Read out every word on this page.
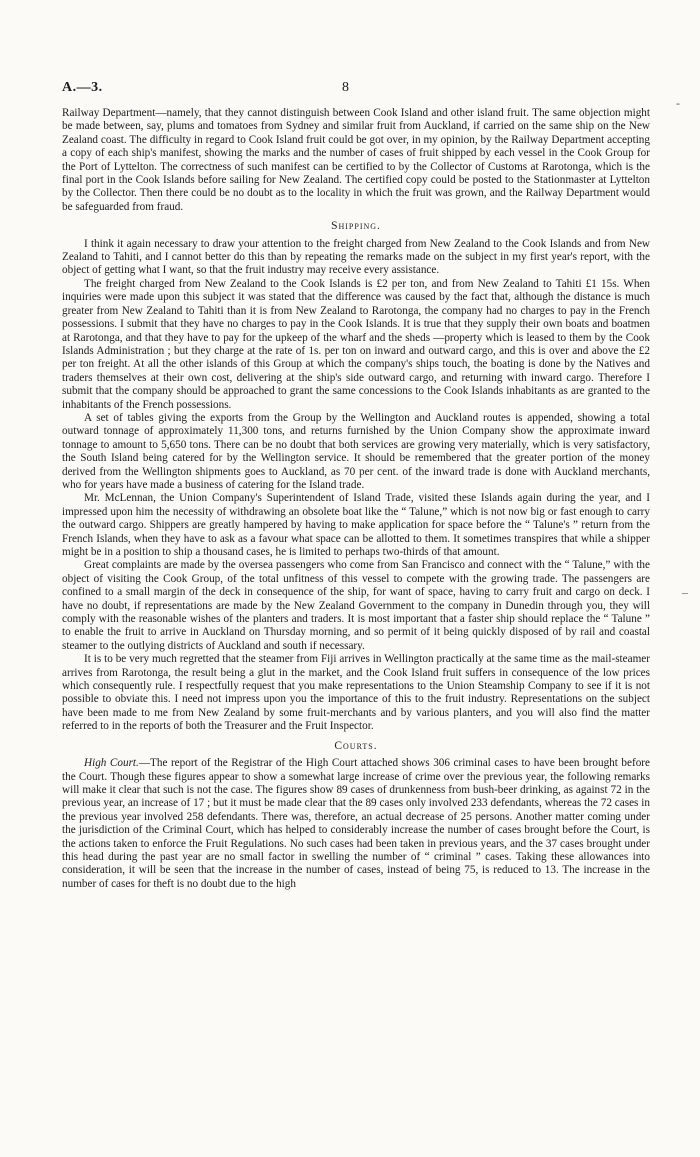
A.—3.	8
‐
–

Railway Department—namely, that they cannot distinguish between Cook Island and other island fruit. The same objection might be made between, say, plums and tomatoes from Sydney and similar fruit from Auckland, if carried on the same ship on the New Zealand coast. The difficulty in regard to Cook Island fruit could be got over, in my opinion, by the Railway Department accepting a copy of each ship's manifest, showing the marks and the number of cases of fruit shipped by each vessel in the Cook Group for the Port of Lyttelton. The correctness of such manifest can be certified to by the Collector of Customs at Rarotonga, which is the final port in the Cook Islands before sailing for New Zealand. The certified copy could be posted to the Stationmaster at Lyttelton by the Collector. Then there could be no doubt as to the locality in which the fruit was grown, and the Railway Department would be safeguarded from fraud.

Shipping.

I think it again necessary to draw your attention to the freight charged from New Zealand to the Cook Islands and from New Zealand to Tahiti, and I cannot better do this than by repeating the remarks made on the subject in my first year's report, with the object of getting what I want, so that the fruit industry may receive every assistance.

The freight charged from New Zealand to the Cook Islands is £2 per ton, and from New Zealand to Tahiti £1 15s. When inquiries were made upon this subject it was stated that the difference was caused by the fact that, although the distance is much greater from New Zealand to Tahiti than it is from New Zealand to Rarotonga, the company had no charges to pay in the French possessions. I submit that they have no charges to pay in the Cook Islands. It is true that they supply their own boats and boatmen at Rarotonga, and that they have to pay for the upkeep of the wharf and the sheds —property which is leased to them by the Cook Islands Administration ; but they charge at the rate of 1s. per ton on inward and outward cargo, and this is over and above the £2 per ton freight. At all the other islands of this Group at which the company's ships touch, the boating is done by the Natives and traders themselves at their own cost, delivering at the ship's side outward cargo, and returning with inward cargo. Therefore I submit that the company should be approached to grant the same concessions to the Cook Islands inhabitants as are granted to the inhabitants of the French possessions.

A set of tables giving the exports from the Group by the Wellington and Auckland routes is appended, showing a total outward tonnage of approximately 11,300 tons, and returns furnished by the Union Company show the approximate inward tonnage to amount to 5,650 tons. There can be no doubt that both services are growing very materially, which is very satisfactory, the South Island being catered for by the Wellington service. It should be remembered that the greater portion of the money derived from the Wellington shipments goes to Auckland, as 70 per cent. of the inward trade is done with Auckland merchants, who for years have made a business of catering for the Island trade.

Mr. McLennan, the Union Company's Superintendent of Island Trade, visited these Islands again during the year, and I impressed upon him the necessity of withdrawing an obsolete boat like the “ Talune,” which is not now big or fast enough to carry the outward cargo. Shippers are greatly hampered by having to make application for space before the “ Talune's ” return from the French Islands, when they have to ask as a favour what space can be allotted to them. It sometimes transpires that while a shipper might be in a position to ship a thousand cases, he is limited to perhaps two-thirds of that amount.

Great complaints are made by the oversea passengers who come from San Francisco and connect with the “ Talune,” with the object of visiting the Cook Group, of the total unfitness of this vessel to compete with the growing trade. The passengers are confined to a small margin of the deck in consequence of the ship, for want of space, having to carry fruit and cargo on deck. I have no doubt, if representations are made by the New Zealand Government to the company in Dunedin through you, they will comply with the reasonable wishes of the planters and traders. It is most important that a faster ship should replace the “ Talune ” to enable the fruit to arrive in Auckland on Thursday morning, and so permit of it being quickly disposed of by rail and coastal steamer to the outlying districts of Auckland and south if necessary.

It is to be very much regretted that the steamer from Fiji arrives in Wellington practically at the same time as the mail-steamer arrives from Rarotonga, the result being a glut in the market, and the Cook Island fruit suffers in consequence of the low prices which consequently rule. I respectfully request that you make representations to the Union Steamship Company to see if it is not possible to obviate this. I need not impress upon you the importance of this to the fruit industry. Representations on the subject have been made to me from New Zealand by some fruit-merchants and by various planters, and you will also find the matter referred to in the reports of both the Treasurer and the Fruit Inspector.

Courts.

High Court.—The report of the Registrar of the High Court attached shows 306 criminal cases to have been brought before the Court. Though these figures appear to show a somewhat large increase of crime over the previous year, the following remarks will make it clear that such is not the case. The figures show 89 cases of drunkenness from bush-beer drinking, as against 72 in the previous year, an increase of 17 ; but it must be made clear that the 89 cases only involved 233 defendants, whereas the 72 cases in the previous year involved 258 defendants. There was, therefore, an actual decrease of 25 persons. Another matter coming under the jurisdiction of the Criminal Court, which has helped to considerably increase the number of cases brought before the Court, is the actions taken to enforce the Fruit Regulations. No such cases had been taken in previous years, and the 37 cases brought under this head during the past year are no small factor in swelling the number of “ criminal ” cases. Taking these allowances into consideration, it will be seen that the increase in the number of cases, instead of being 75, is reduced to 13. The increase in the number of cases for theft is no doubt due to the high
